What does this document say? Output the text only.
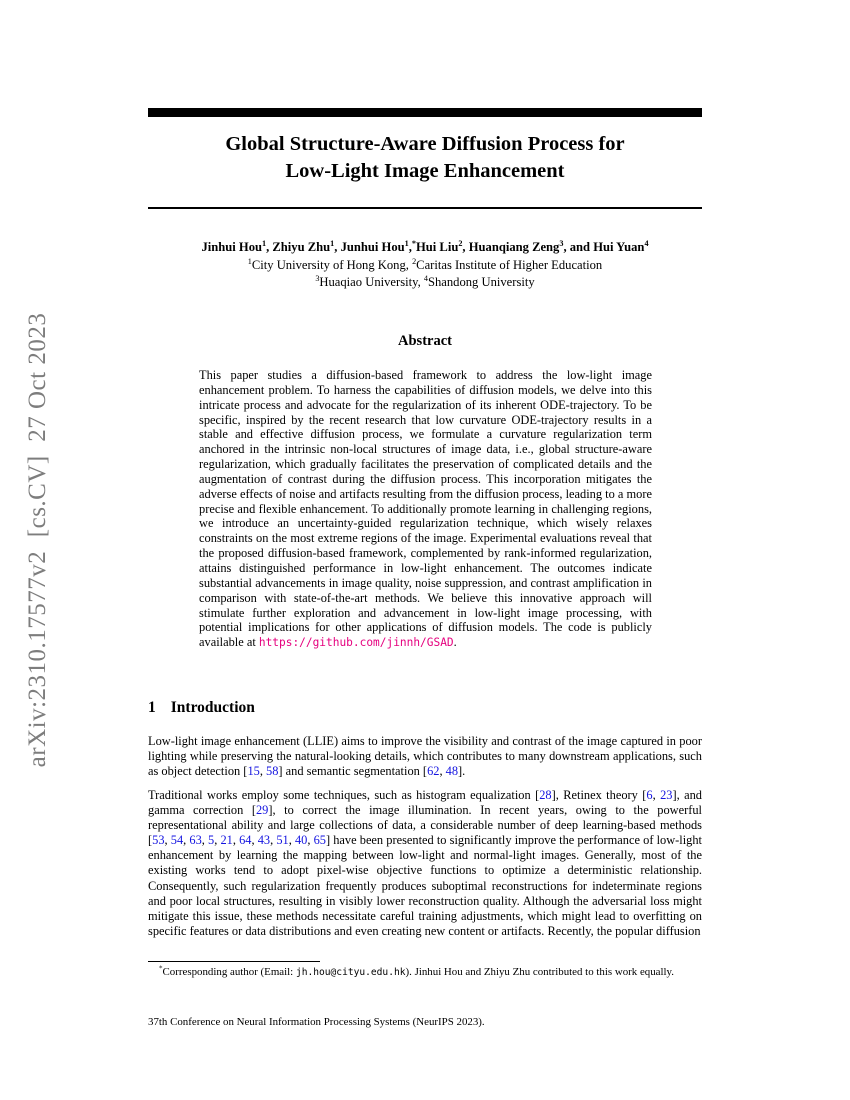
arXiv:2310.17577v2  [cs.CV]  27 Oct 2023
Global Structure-Aware Diffusion Process for
Low-Light Image Enhancement
Jinhui Hou$^1$, Zhiyu Zhu$^1$, Junhui Hou$^1$,*Hui Liu$^2$, Huanqiang Zeng$^3$, and Hui Yuan$^4$
$^1$City University of Hong Kong, $^2$Caritas Institute of Higher Education
$^3$Huaqiao University, $^4$Shandong University
Abstract
This paper studies a diffusion-based framework to address the low-light image enhancement problem. To harness the capabilities of diffusion models, we delve into this intricate process and advocate for the regularization of its inherent ODE-trajectory. To be specific, inspired by the recent research that low curvature ODE-trajectory results in a stable and effective diffusion process, we formulate a curvature regularization term anchored in the intrinsic non-local structures of image data, i.e., global structure-aware regularization, which gradually facilitates the preservation of complicated details and the augmentation of contrast during the diffusion process. This incorporation mitigates the adverse effects of noise and artifacts resulting from the diffusion process, leading to a more precise and flexible enhancement. To additionally promote learning in challenging regions, we introduce an uncertainty-guided regularization technique, which wisely relaxes constraints on the most extreme regions of the image. Experimental evaluations reveal that the proposed diffusion-based framework, complemented by rank-informed regularization, attains distinguished performance in low-light enhancement. The outcomes indicate substantial advancements in image quality, noise suppression, and contrast amplification in comparison with state-of-the-art methods. We believe this innovative approach will stimulate further exploration and advancement in low-light image processing, with potential implications for other applications of diffusion models. The code is publicly available at https://github.com/jinnh/GSAD.
1 Introduction

Low-light image enhancement (LLIE) aims to improve the visibility and contrast of the image captured in poor lighting while preserving the natural-looking details, which contributes to many downstream applications, such as object detection [15, 58] and semantic segmentation [62, 48].

Traditional works employ some techniques, such as histogram equalization [28], Retinex theory [6, 23], and gamma correction [29], to correct the image illumination. In recent years, owing to the powerful representational ability and large collections of data, a considerable number of deep learning-based methods [53, 54, 63, 5, 21, 64, 43, 51, 40, 65] have been presented to significantly improve the performance of low-light enhancement by learning the mapping between low-light and normal-light images. Generally, most of the existing works tend to adopt pixel-wise objective functions to optimize a deterministic relationship. Consequently, such regularization frequently produces suboptimal reconstructions for indeterminate regions and poor local structures, resulting in visibly lower reconstruction quality. Although the adversarial loss might mitigate this issue, these methods necessitate careful training adjustments, which might lead to overfitting on specific features or data distributions and even creating new content or artifacts. Recently, the popular diffusion

*Corresponding author (Email: jh.hou@cityu.edu.hk). Jinhui Hou and Zhiyu Zhu contributed to this work equally.
37th Conference on Neural Information Processing Systems (NeurIPS 2023).
